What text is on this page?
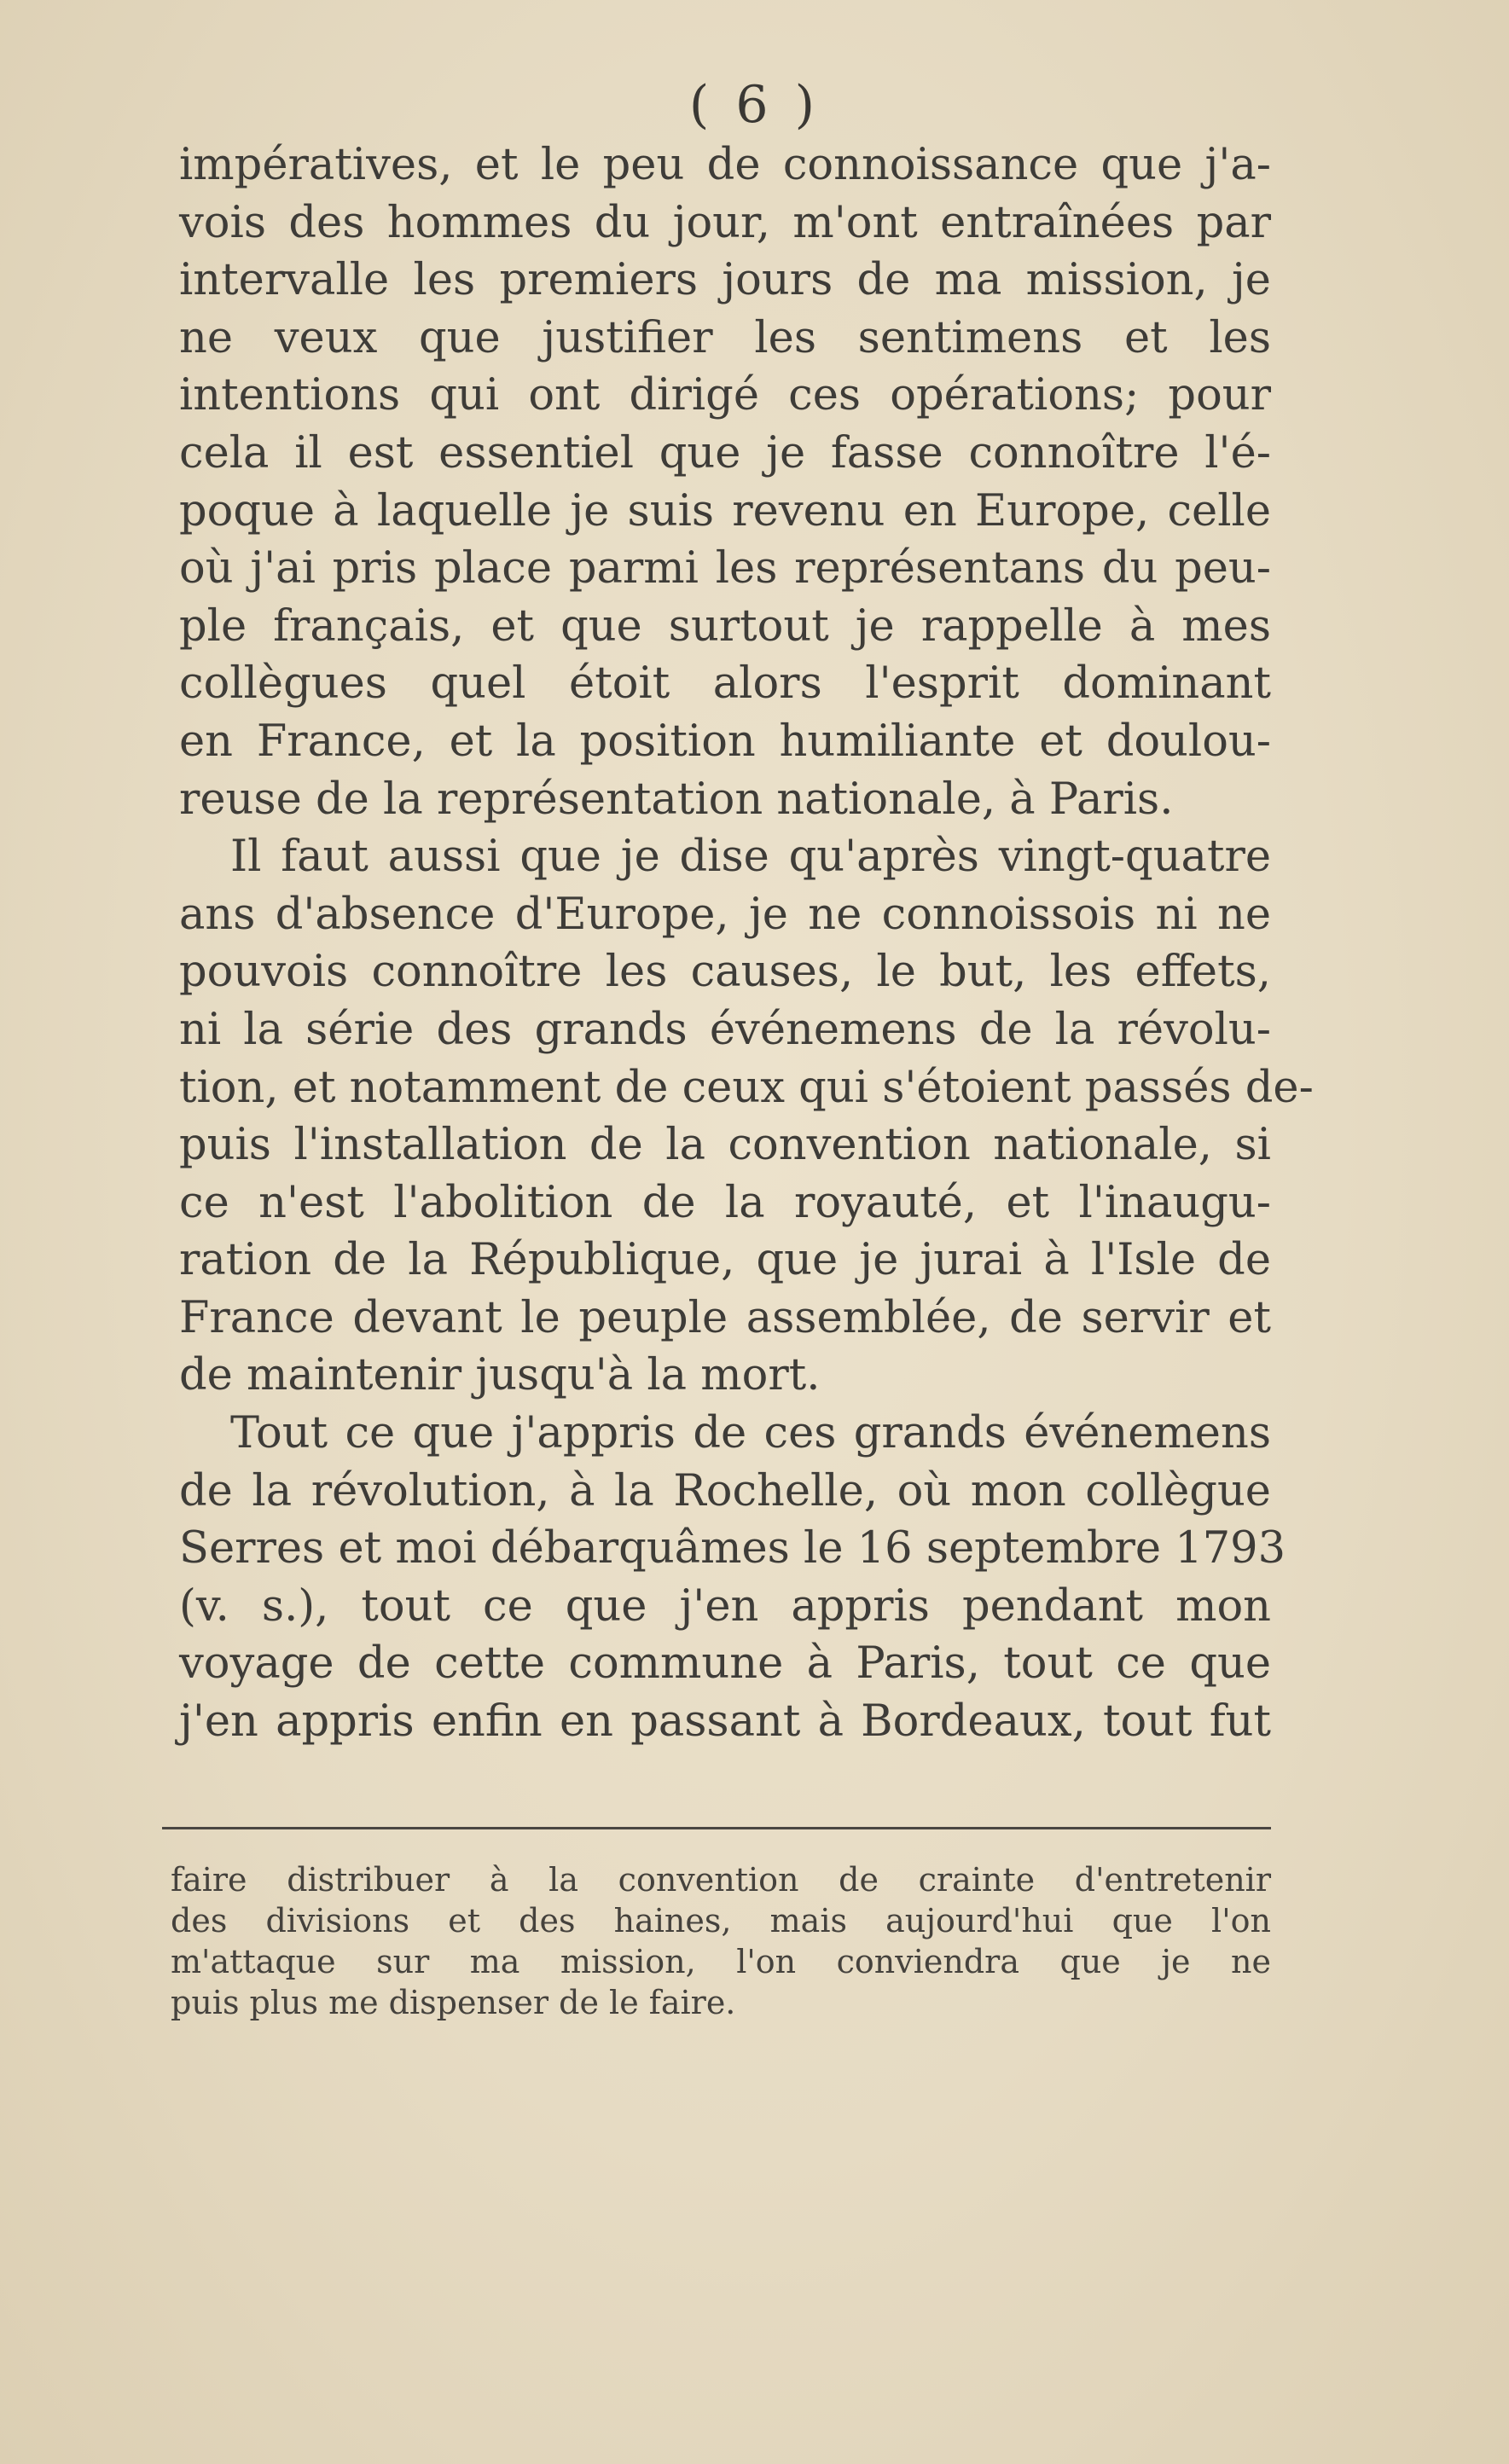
( 6 )
impératives, et le peu de connoissance que j'a-
vois des hommes du jour, m'ont entraînées par
intervalle les premiers jours de ma mission, je
ne veux que justifier les sentimens et les
intentions qui ont dirigé ces opérations; pour
cela il est essentiel que je fasse connoître l'é-
poque à laquelle je suis revenu en Europe, celle
où j'ai pris place parmi les représentans du peu-
ple français, et que surtout je rappelle à mes
collègues quel étoit alors l'esprit dominant
en France, et la position humiliante et doulou-
reuse de la représentation nationale, à Paris.
Il faut aussi que je dise qu'après vingt-quatre
ans d'absence d'Europe, je ne connoissois ni ne
pouvois connoître les causes, le but, les effets,
ni la série des grands événemens de la révolu-
tion, et notamment de ceux qui s'étoient passés de-
puis l'installation de la convention nationale, si
ce n'est l'abolition de la royauté, et l'inaugu-
ration de la République, que je jurai à l'Isle de
France devant le peuple assemblée, de servir et
de maintenir jusqu'à la mort.
Tout ce que j'appris de ces grands événemens
de la révolution, à la Rochelle, où mon collègue
Serres et moi débarquâmes le 16 septembre 1793
(v. s.), tout ce que j'en appris pendant mon
voyage de cette commune à Paris, tout ce que
j'en appris enfin en passant à Bordeaux, tout fut
faire distribuer à la convention de crainte d'entretenir
des divisions et des haines, mais aujourd'hui que l'on
m'attaque sur ma mission, l'on conviendra que je ne
puis plus me dispenser de le faire.
